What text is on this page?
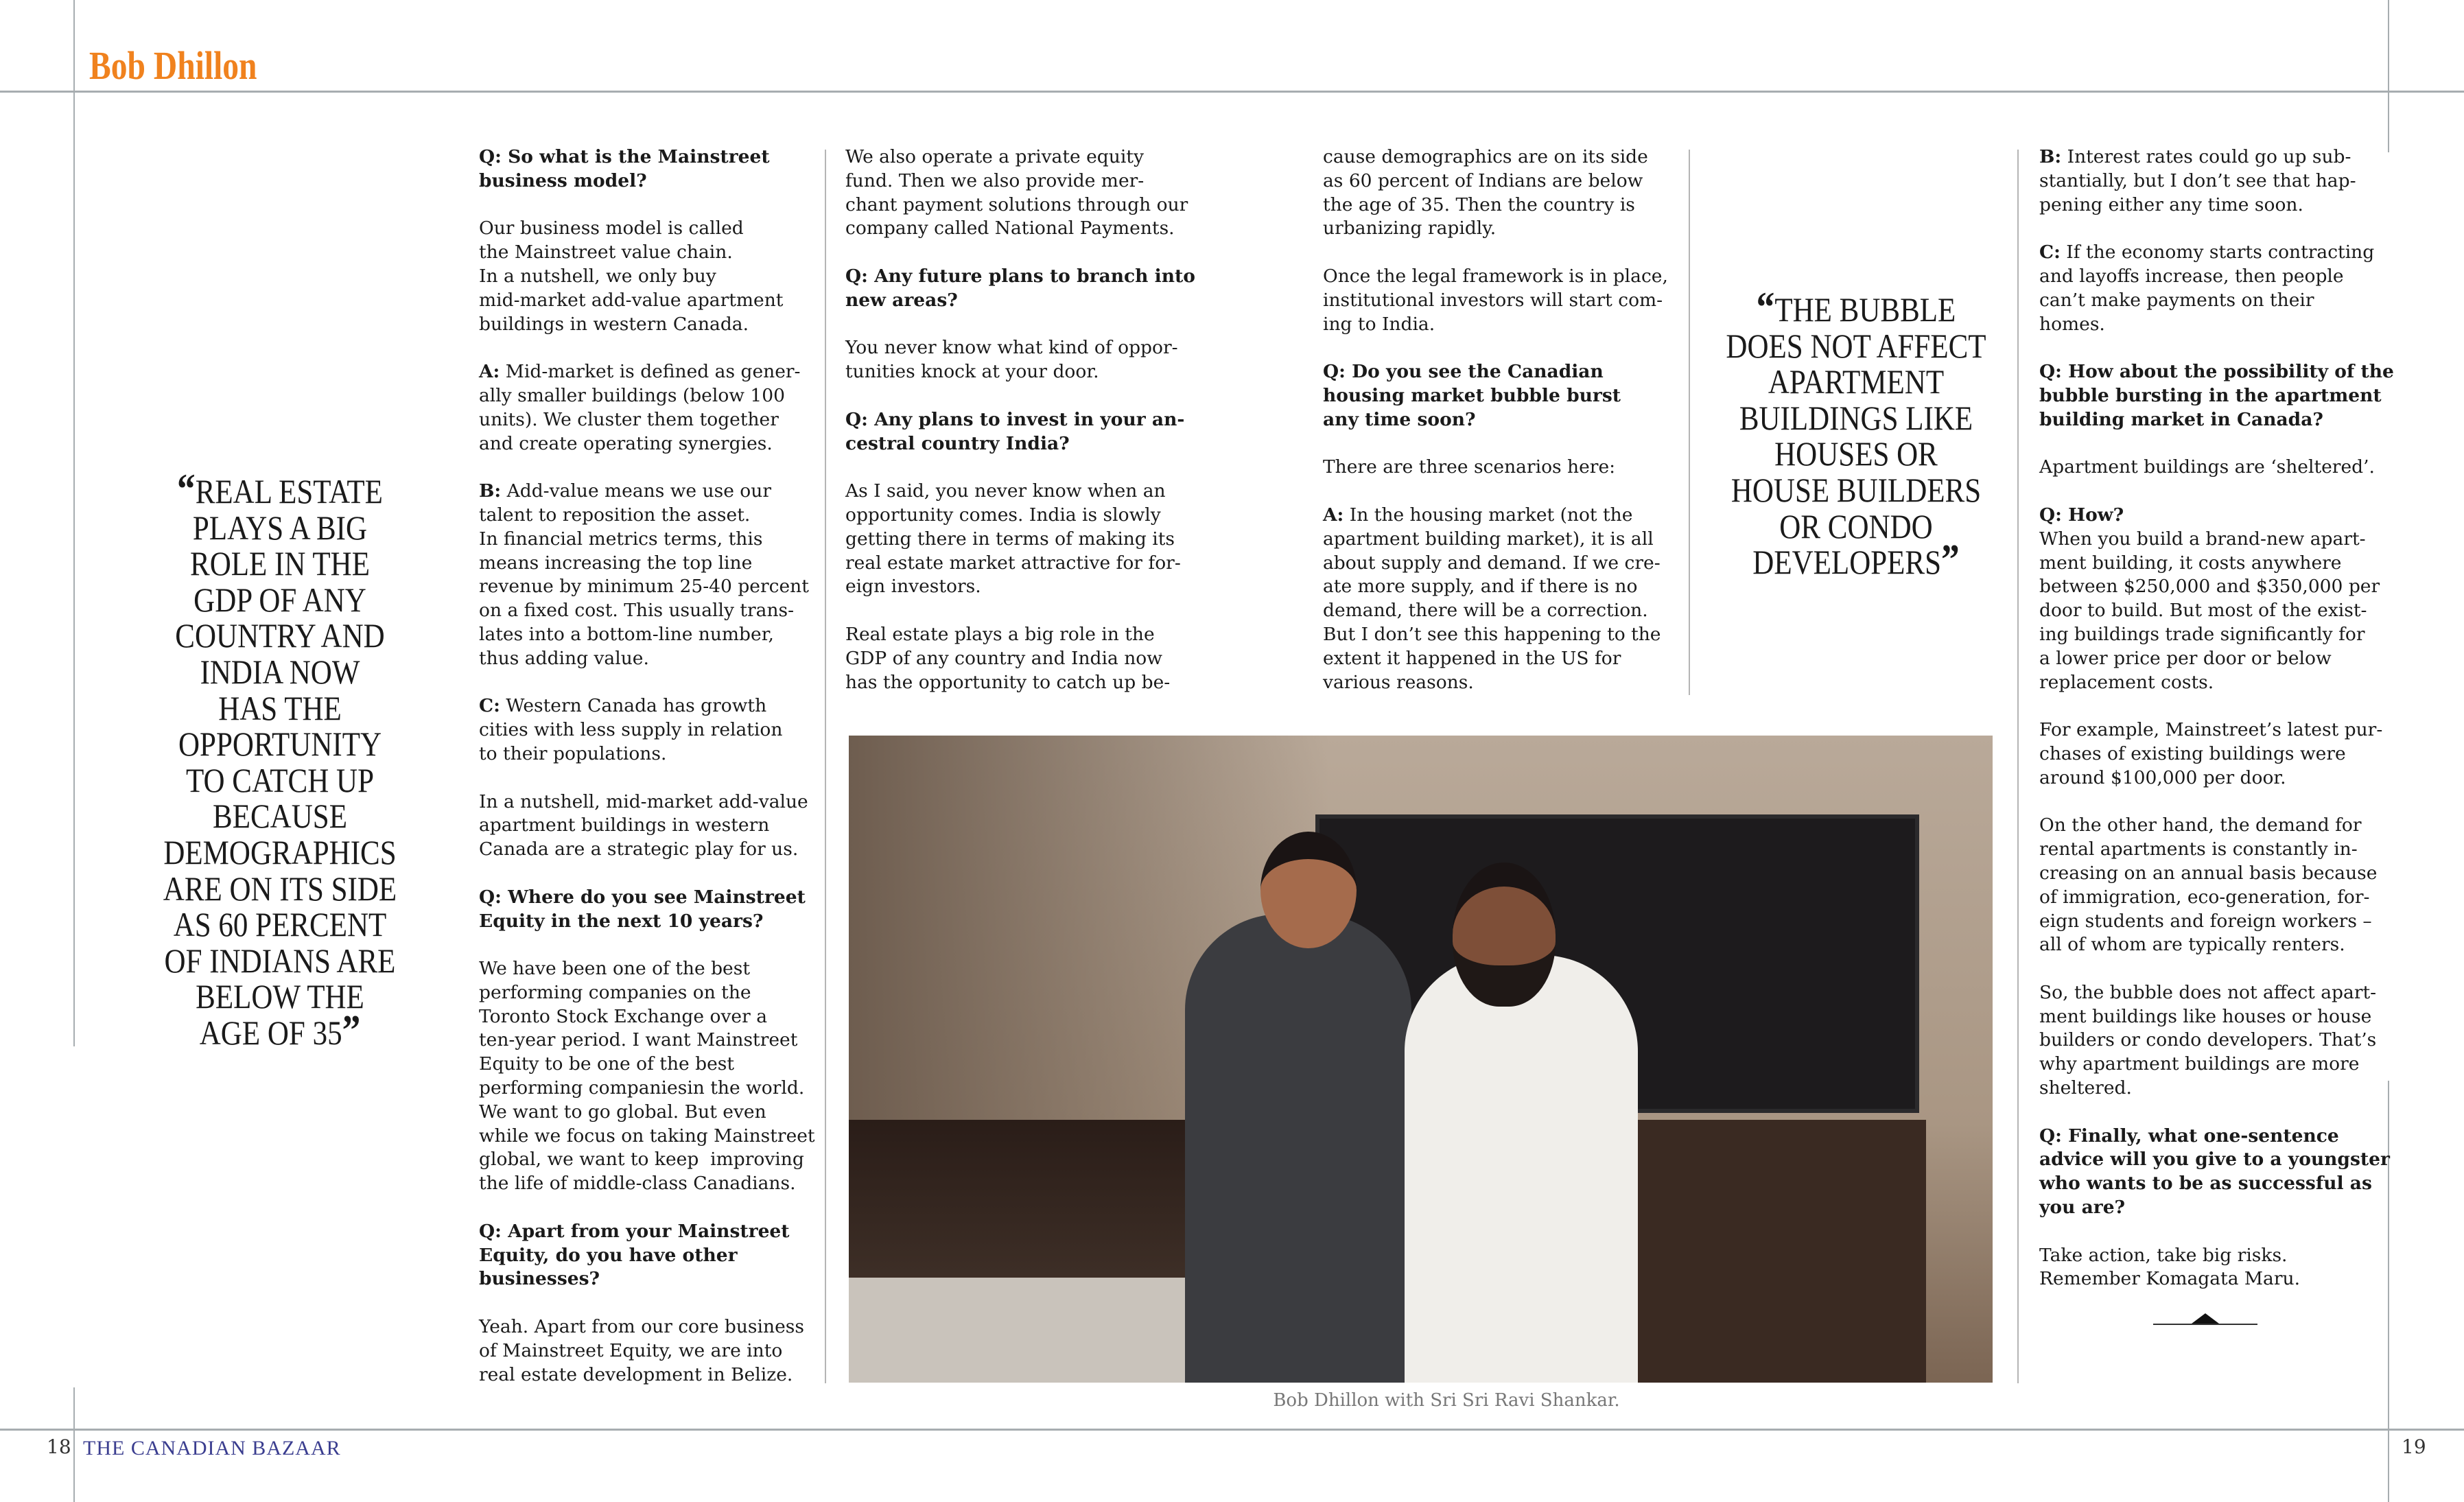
Bob Dhillon
“REAL ESTATE
PLAYS A BIG
ROLE IN THE
GDP OF ANY
COUNTRY AND
INDIA NOW
HAS THE
OPPORTUNITY
TO CATCH UP
BECAUSE
DEMOGRAPHICS
ARE ON ITS SIDE
AS 60 PERCENT
OF INDIANS ARE
BELOW THE
AGE OF 35”
“THE BUBBLE
DOES NOT AFFECT
APARTMENT
BUILDINGS LIKE
HOUSES OR
HOUSE BUILDERS
OR CONDO
DEVELOPERS”

Q: So what is the Mainstreet
business model?

Our business model is called
the Mainstreet value chain.
In a nutshell, we only buy
mid-market add-value apartment
buildings in western Canada.

A: Mid-market is defined as gener-
ally smaller buildings (below 100
units). We cluster them together
and create operating synergies.

B: Add-value means we use our
talent to reposition the asset.
In financial metrics terms, this
means increasing the top line
revenue by minimum 25-40 percent
on a fixed cost. This usually trans-
lates into a bottom-line number,
thus adding value.

C: Western Canada has growth
cities with less supply in relation
to their populations.

In a nutshell, mid-market add-value
apartment buildings in western
Canada are a strategic play for us.

Q: Where do you see Mainstreet
Equity in the next 10 years?

We have been one of the best
performing companies on the
Toronto Stock Exchange over a
ten-year period. I want Mainstreet
Equity to be one of the best
performing companiesin the world.
We want to go global. But even
while we focus on taking Mainstreet
global, we want to keep  improving
the life of middle-class Canadians.

Q: Apart from your Mainstreet
Equity, do you have other
businesses?

Yeah. Apart from our core business
of Mainstreet Equity, we are into
real estate development in Belize.

We also operate a private equity
fund. Then we also provide mer-
chant payment solutions through our
company called National Payments.

Q: Any future plans to branch into
new areas?

You never know what kind of oppor-
tunities knock at your door.

Q: Any plans to invest in your an-
cestral country India?

As I said, you never know when an
opportunity comes. India is slowly
getting there in terms of making its
real estate market attractive for for-
eign investors.

Real estate plays a big role in the
GDP of any country and India now
has the opportunity to catch up be-

cause demographics are on its side
as 60 percent of Indians are below
the age of 35. Then the country is
urbanizing rapidly.

Once the legal framework is in place,
institutional investors will start com-
ing to India.

Q: Do you see the Canadian
housing market bubble burst
any time soon?

There are three scenarios here:

A: In the housing market (not the
apartment building market), it is all
about supply and demand. If we cre-
ate more supply, and if there is no
demand, there will be a correction.
But I don’t see this happening to the
extent it happened in the US for
various reasons.

B: Interest rates could go up sub-
stantially, but I don’t see that hap-
pening either any time soon.

C: If the economy starts contracting
and layoffs increase, then people
can’t make payments on their
homes.

Q: How about the possibility of the
bubble bursting in the apartment
building market in Canada?

Apartment buildings are ‘sheltered’.

Q: How?
When you build a brand-new apart-
ment building, it costs anywhere
between $250,000 and $350,000 per
door to build. But most of the exist-
ing buildings trade significantly for
a lower price per door or below
replacement costs.

For example, Mainstreet’s latest pur-
chases of existing buildings were
around $100,000 per door.

On the other hand, the demand for
rental apartments is constantly in-
creasing on an annual basis because
of immigration, eco-generation, for-
eign students and foreign workers –
all of whom are typically renters.

So, the bubble does not affect apart-
ment buildings like houses or house
builders or condo developers. That’s
why apartment buildings are more
sheltered.

Q: Finally, what one-sentence
advice will you give to a youngster
who wants to be as successful as
you are?

Take action, take big risks.
Remember Komagata Maru.

Bob Dhillon with Sri Sri Ravi Shankar.
18 THE CANADIAN BAZAAR	19
